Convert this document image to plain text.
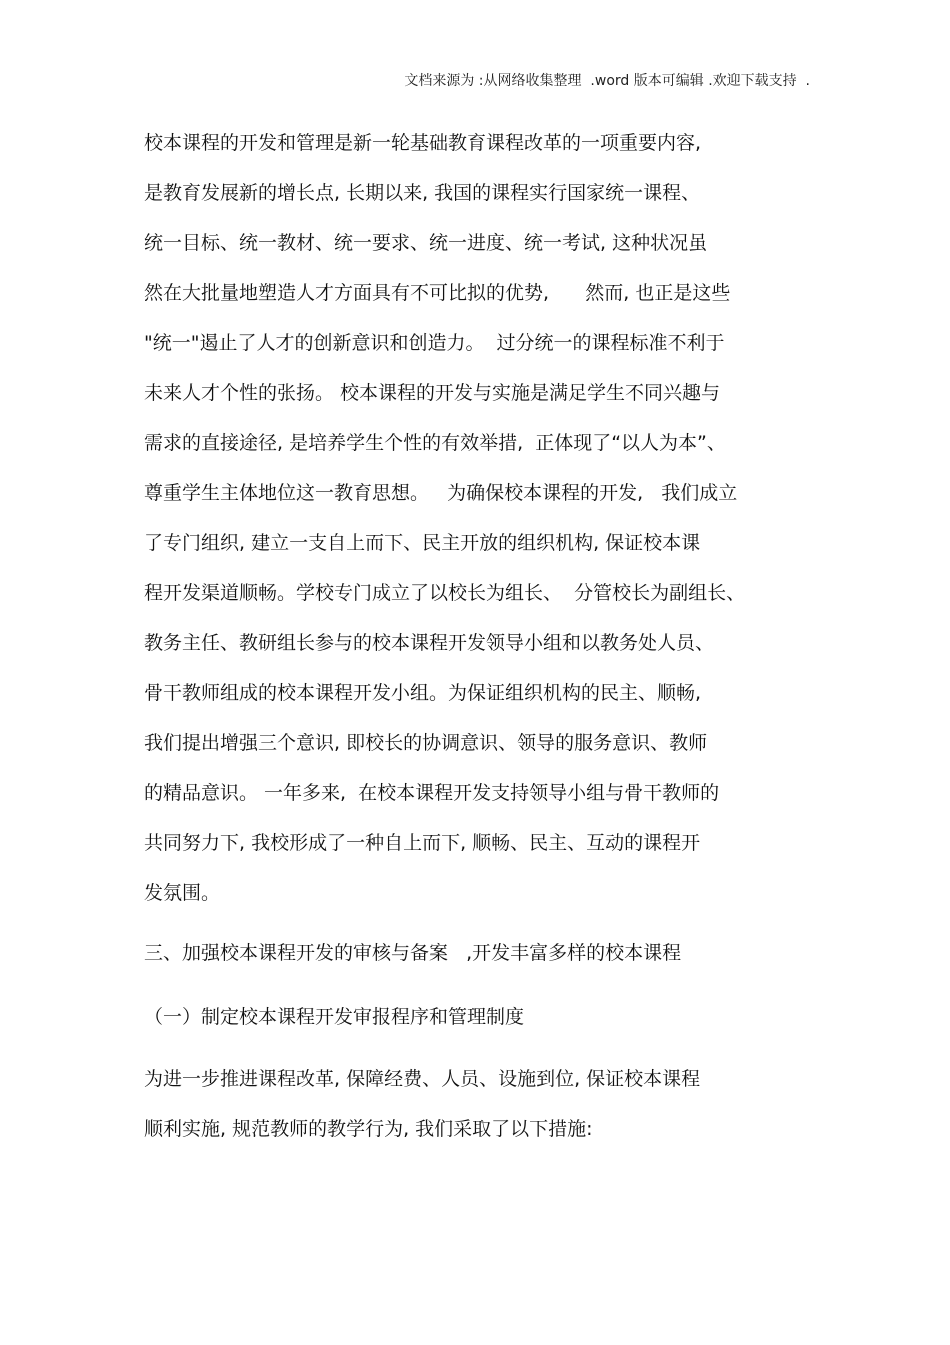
文档来源为 :从网络收集整理  .word 版本可编辑 .欢迎下载支持  .
校本课程的开发和管理是新一轮基础教育课程改革的一项重要内容,
是教育发展新的增长点, 长期以来, 我国的课程实行国家统一课程、
统一目标、统一教材、统一要求、统一进度、统一考试, 这种状况虽
然在大批量地塑造人才方面具有不可比拟的优势,      然而, 也正是这些
"统一"遏止了人才的创新意识和创造力。  过分统一的课程标准不利于
未来人才个性的张扬。 校本课程的开发与实施是满足学生不同兴趣与
需求的直接途径, 是培养学生个性的有效举措,  正体现了“以人为本”、
尊重学生主体地位这一教育思想。   为确保校本课程的开发,   我们成立
了专门组织, 建立一支自上而下、民主开放的组织机构, 保证校本课
程开发渠道顺畅。学校专门成立了以校长为组长、  分管校长为副组长、
教务主任、教研组长参与的校本课程开发领导小组和以教务处人员、
骨干教师组成的校本课程开发小组。为保证组织机构的民主、顺畅,
我们提出增强三个意识, 即校长的协调意识、领导的服务意识、教师
的精品意识。 一年多来,  在校本课程开发支持领导小组与骨干教师的
共同努力下, 我校形成了一种自上而下, 顺畅、民主、互动的课程开
发氛围。
三、加强校本课程开发的审核与备案   ,开发丰富多样的校本课程
（一）制定校本课程开发审报程序和管理制度
为进一步推进课程改革, 保障经费、人员、设施到位, 保证校本课程
顺利实施, 规范教师的教学行为, 我们采取了以下措施:
